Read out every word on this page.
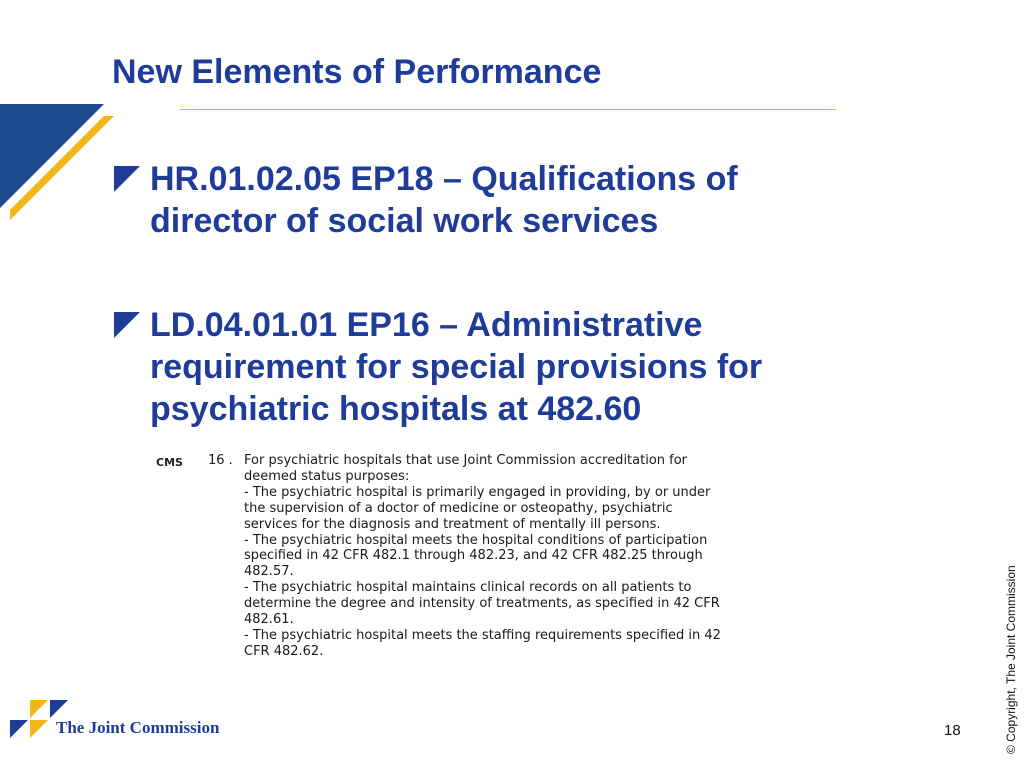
New Elements of Performance
HR.01.02.05 EP18 – Qualifications of
director of social work services
LD.04.01.01 EP16 – Administrative
requirement for special provisions for
psychiatric hospitals at 482.60
CMS 16 . For psychiatric hospitals that use Joint Commission accreditation for
deemed status purposes:
- The psychiatric hospital is primarily engaged in providing, by or under
the supervision of a doctor of medicine or osteopathy, psychiatric
services for the diagnosis and treatment of mentally ill persons.
- The psychiatric hospital meets the hospital conditions of participation
specified in 42 CFR 482.1 through 482.23, and 42 CFR 482.25 through
482.57.
- The psychiatric hospital maintains clinical records on all patients to
determine the degree and intensity of treatments, as specified in 42 CFR
482.61.
- The psychiatric hospital meets the staffing requirements specified in 42
CFR 482.62.

The Joint Commission	18	© Copyright, The Joint Commission
